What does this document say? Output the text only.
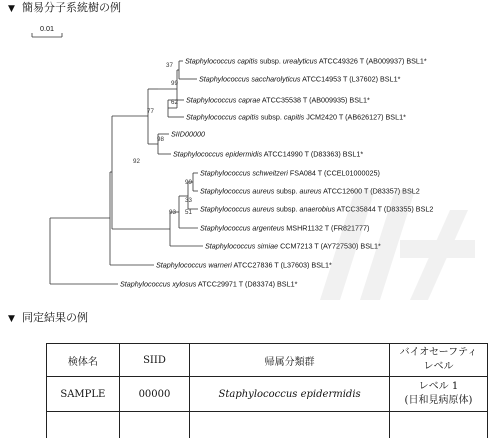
▼ 簡易分子系統樹の例
0.01
Staphylococcus capitis subsp. urealyticus ATCC49326 T (AB009937) BSL1*
Staphylococcus saccharolyticus ATCC14953 T (L37602) BSL1*
Staphylococcus caprae ATCC35538 T (AB009935) BSL1*
Staphylococcus capitis subsp. capitis JCM2420 T (AB626127) BSL1*
SIID00000
Staphylococcus epidermidis ATCC14990 T (D83363) BSL1*
Staphylococcus schweitzeri FSA084 T (CCEL01000025)
Staphylococcus aureus subsp. aureus ATCC12600 T (D83357) BSL2
Staphylococcus aureus subsp. anaerobius ATCC35844 T (D83355) BSL2
Staphylococcus argenteus MSHR1132 T (FR821777)
Staphylococcus simiae CCM7213 T (AY727530) BSL1*
Staphylococcus warneri ATCC27836 T (L37603) BSL1*
Staphylococcus xylosus ATCC29971 T (D83374) BSL1*
37
99
62
77
98
92
99
33
51
93
▼ 同定結果の例
検体名	SIID	帰属分類群	バイオセーフティ
レベル

SAMPLE	00000	Staphylococcus epidermidis	レベル 1
(日和見病原体)
